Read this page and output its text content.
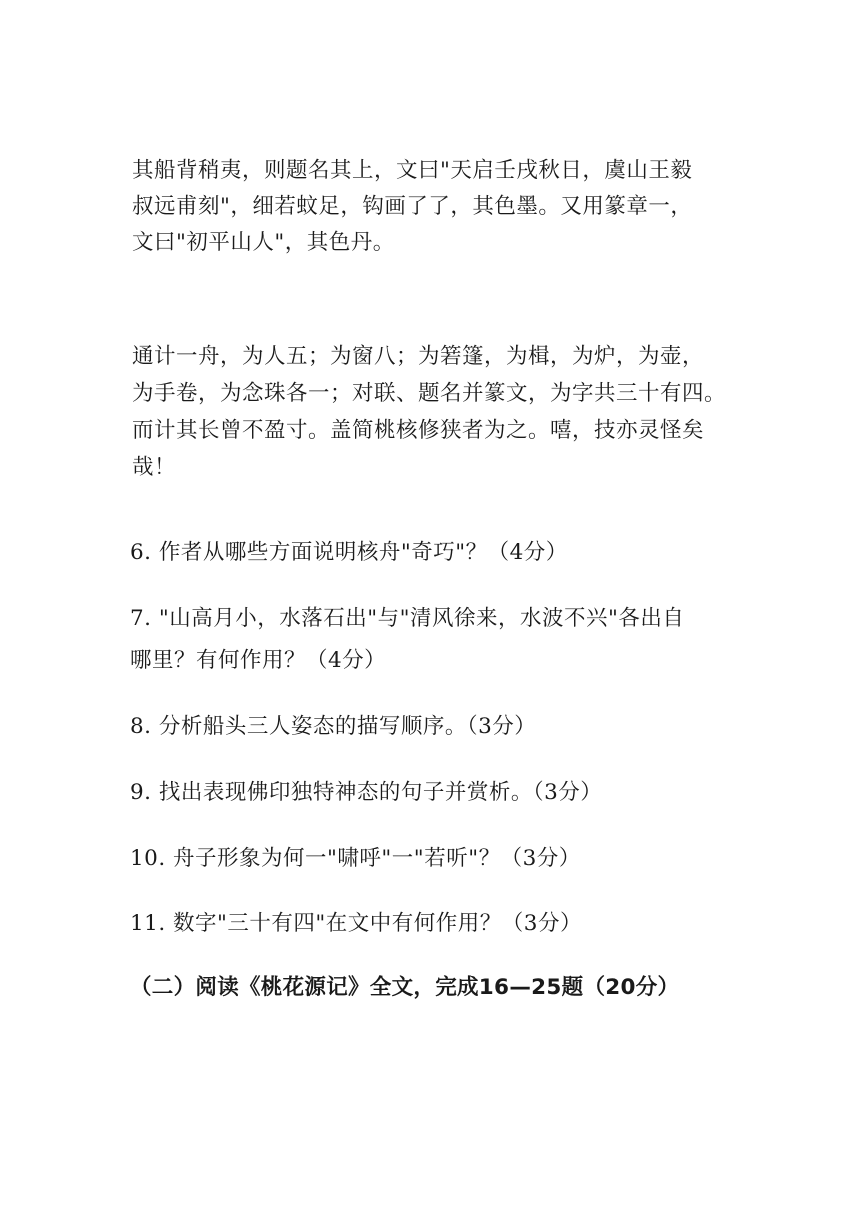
其船背稍夷，则题名其上，文曰"天启壬戌秋日，虞山王毅
叔远甫刻"，细若蚊足，钩画了了，其色墨。又用篆章一，
文曰"初平山人"，其色丹。
通计一舟，为人五；为窗八；为箬篷，为楫，为炉，为壶，
为手卷，为念珠各一；对联、题名并篆文，为字共三十有四。
而计其长曾不盈寸。盖简桃核修狭者为之。嘻，技亦灵怪矣
哉！
6. 作者从哪些方面说明核舟"奇巧"？（4分）
7. "山高月小，水落石出"与"清风徐来，水波不兴"各出自
哪里？有何作用？（4分）
8. 分析船头三人姿态的描写顺序。（3分）
9. 找出表现佛印独特神态的句子并赏析。（3分）
10. 舟子形象为何一"啸呼"一"若听"？（3分）
11. 数字"三十有四"在文中有何作用？（3分）
（二）阅读《桃花源记》全文，完成16—25题（20分）
